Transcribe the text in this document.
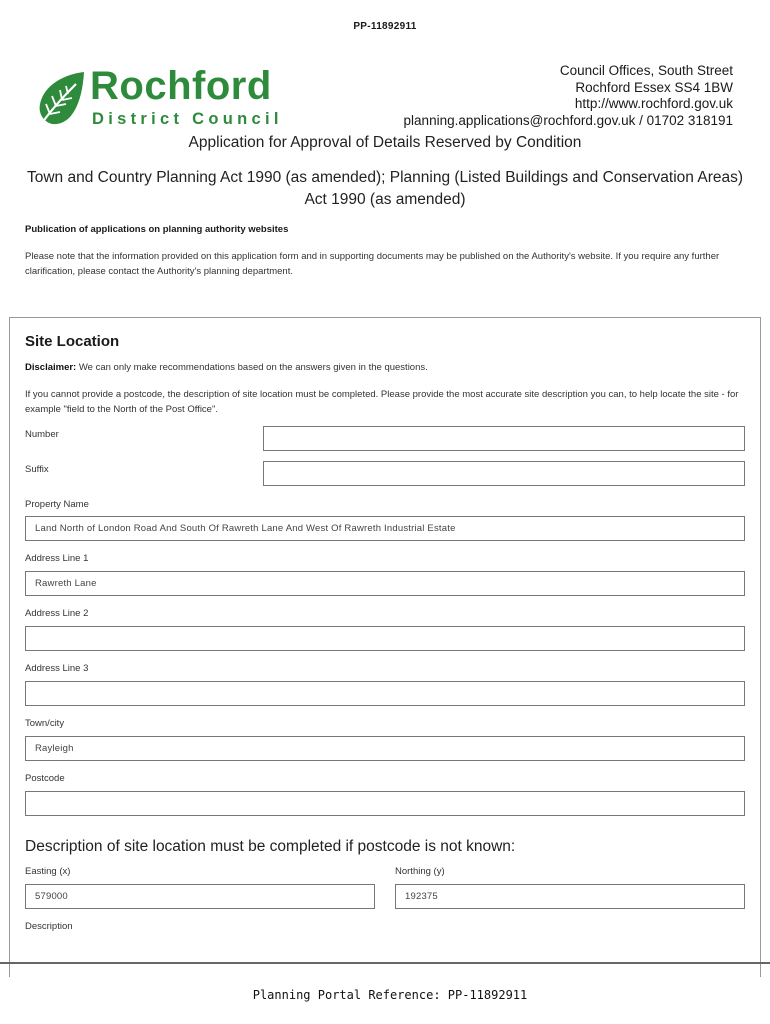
PP-11892911
Rochford
District Council
Council Offices, South Street
Rochford Essex SS4 1BW
http://www.rochford.gov.uk
planning.applications@rochford.gov.uk / 01702 318191
Application for Approval of Details Reserved by Condition
Town and Country Planning Act 1990 (as amended); Planning (Listed Buildings and Conservation Areas) Act 1990 (as amended)
Publication of applications on planning authority websites
Please note that the information provided on this application form and in supporting documents may be published on the Authority's website. If you require any further clarification, please contact the Authority's planning department.
Site Location
Disclaimer: We can only make recommendations based on the answers given in the questions.
If you cannot provide a postcode, the description of site location must be completed. Please provide the most accurate site description you can, to help locate the site - for example "field to the North of the Post Office".
Number
Suffix
Property Name
Land North of London Road And South Of Rawreth Lane And West Of Rawreth Industrial Estate
Address Line 1
Rawreth Lane
Address Line 2
Address Line 3
Town/city
Rayleigh
Postcode
Description of site location must be completed if postcode is not known:
Easting (x)
579000
Northing (y)
192375
Description
Planning Portal Reference: PP-11892911
